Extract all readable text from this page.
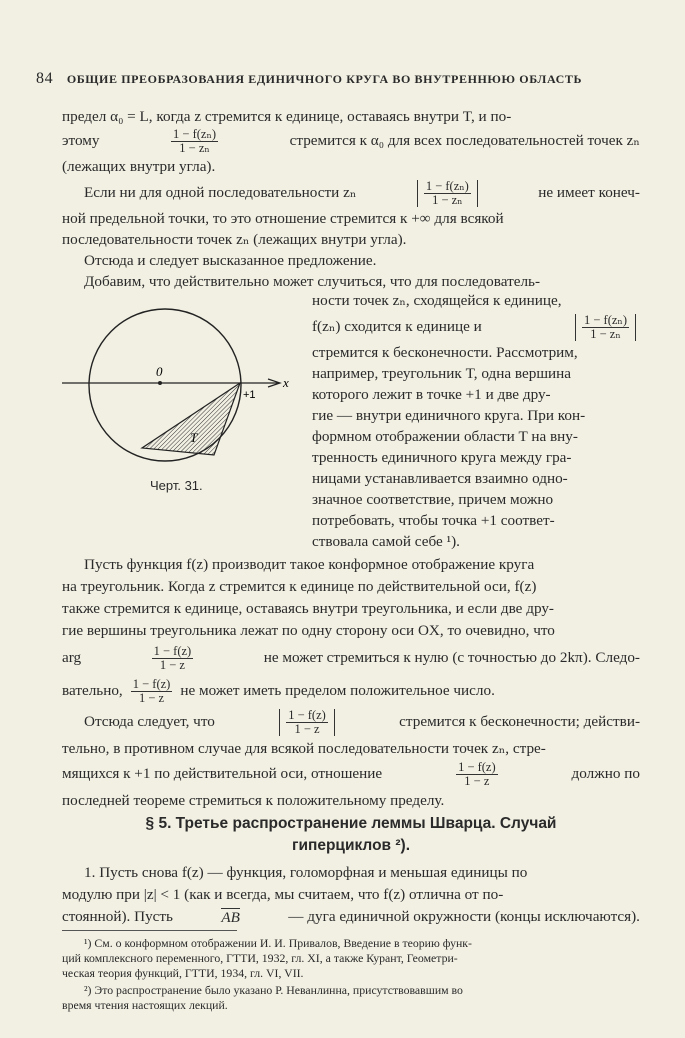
84 ОБЩИЕ ПРЕОБРАЗОВАНИЯ ЕДИНИЧНОГО КРУГА ВО ВНУТРЕННЮЮ ОБЛАСТЬ
0
x
+1
T
Черт. 31.
предел α₀ = L, когда z стремится к единице, оставаясь внутри T, и по-
этому	$\frac{\text{1 − f(zₙ)}}{\text{1 − zₙ}}$	стремится к α₀ для всех последовательностей точек zₙ
(лежащих внутри угла).
Если ни для одной последовательности zₙ	$\frac{\text{1 − f(zₙ)}}{\text{1 − zₙ}}$	не имеет конеч-
ной предельной точки, то это отношение стремится к +∞ для всякой
последовательности точек zₙ (лежащих внутри угла).
Отсюда и следует высказанное предложение.
Добавим, что действительно может случиться, что для последователь-
ности точек zₙ, сходящейся к единице,
f(zₙ) сходится к единице и	$\frac{\text{1 − f(zₙ)}}{\text{1 − zₙ}}$
стремится к бесконечности. Рассмотрим,
например, треугольник T, одна вершина
которого лежит в точке +1 и две дру-
гие — внутри единичного круга. При кон-
формном отображении области T на вну-
тренность единичного круга между гра-
ницами устанавливается взаимно одно-
значное соответствие, причем можно
потребовать, чтобы точка +1 соответ-
ствовала самой себе ¹).
Пусть функция f(z) производит такое конформное отображение круга
на треугольник. Когда z стремится к единице по действительной оси, f(z)
также стремится к единице, оставаясь внутри треугольника, и если две дру-
гие вершины треугольника лежат по одну сторону оси OX, то очевидно, что
arg	$\frac{1 - f(z)}{1 - z}$	не может стремиться к нулю (с точностью до 2kπ). Следо-
вательно, $\frac{1 - f(z)}{1 - z}$ не может иметь пределом положительное число.
Отсюда следует, что	$\frac{1 - f(z)}{1 - z}$	стремится к бесконечности; действи-
тельно, в противном случае для всякой последовательности точек zₙ, стре-
мящихся к +1 по действительной оси, отношение	$\frac{1 - f(z)}{1 - z}$	должно по
последней теореме стремиться к положительному пределу.
1. Пусть снова f(z) — функция, голоморфная и меньшая единицы по
модулю при |z| < 1 (как и всегда, мы считаем, что f(z) отлична от по-
стоянной). Пусть	AB	— дуга единичной окружности (концы исключаются).
§ 5. Третье распространение леммы Шварца. Случай
гиперциклов ²).
¹) См. о конформном отображении И. И. Привалов, Введение в теорию функ-
ций комплексного переменного, ГТТИ, 1932, гл. XI, а также Курант, Геометри-
ческая теория функций, ГТТИ, 1934, гл. VI, VII.
²) Это распространение было указано Р. Неванлинна, присутствовавшим во
время чтения настоящих лекций.
